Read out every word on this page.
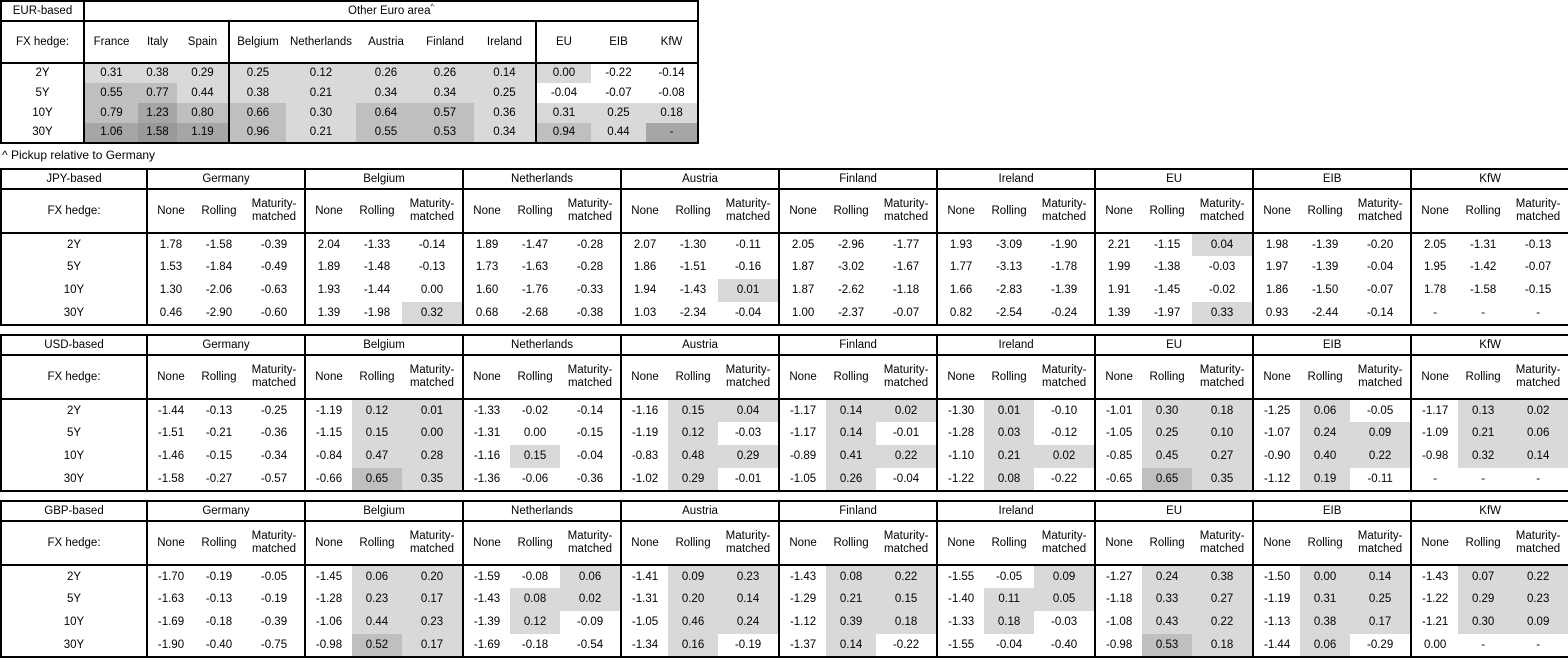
EUR-based	Other Euro area^
FX hedge:	France	Italy	Spain	Belgium	Netherlands	Austria	Finland	Ireland	EU	EIB	KfW
2Y	0.31	0.38	0.29	0.25	0.12	0.26	0.26	0.14	0.00	-0.22	-0.14
5Y	0.55	0.77	0.44	0.38	0.21	0.34	0.34	0.25	-0.04	-0.07	-0.08
10Y	0.79	1.23	0.80	0.66	0.30	0.64	0.57	0.36	0.31	0.25	0.18
30Y	1.06	1.58	1.19	0.96	0.21	0.55	0.53	0.34	0.94	0.44	-
^ Pickup relative to Germany
JPY-based	Germany			Belgium			Netherlands			Austria			Finland			Ireland			EU			EIB			KfW		
FX hedge:	None	Rolling	Maturity-matched	None	Rolling	Maturity-matched	None	Rolling	Maturity-matched	None	Rolling	Maturity-matched	None	Rolling	Maturity-matched	None	Rolling	Maturity-matched	None	Rolling	Maturity-matched	None	Rolling	Maturity-matched	None	Rolling	Maturity-matched
2Y	1.78	-1.58	-0.39	2.04	-1.33	-0.14	1.89	-1.47	-0.28	2.07	-1.30	-0.11	2.05	-2.96	-1.77	1.93	-3.09	-1.90	2.21	-1.15	0.04	1.98	-1.39	-0.20	2.05	-1.31	-0.13
5Y	1.53	-1.84	-0.49	1.89	-1.48	-0.13	1.73	-1.63	-0.28	1.86	-1.51	-0.16	1.87	-3.02	-1.67	1.77	-3.13	-1.78	1.99	-1.38	-0.03	1.97	-1.39	-0.04	1.95	-1.42	-0.07
10Y	1.30	-2.06	-0.63	1.93	-1.44	0.00	1.60	-1.76	-0.33	1.94	-1.43	0.01	1.87	-2.62	-1.18	1.66	-2.83	-1.39	1.91	-1.45	-0.02	1.86	-1.50	-0.07	1.78	-1.58	-0.15
30Y	0.46	-2.90	-0.60	1.39	-1.98	0.32	0.68	-2.68	-0.38	1.03	-2.34	-0.04	1.00	-2.37	-0.07	0.82	-2.54	-0.24	1.39	-1.97	0.33	0.93	-2.44	-0.14	-	-	-
USD-based	Germany			Belgium			Netherlands			Austria			Finland			Ireland			EU			EIB			KfW		
FX hedge:	None	Rolling	Maturity-matched	None	Rolling	Maturity-matched	None	Rolling	Maturity-matched	None	Rolling	Maturity-matched	None	Rolling	Maturity-matched	None	Rolling	Maturity-matched	None	Rolling	Maturity-matched	None	Rolling	Maturity-matched	None	Rolling	Maturity-matched
2Y	-1.44	-0.13	-0.25	-1.19	0.12	0.01	-1.33	-0.02	-0.14	-1.16	0.15	0.04	-1.17	0.14	0.02	-1.30	0.01	-0.10	-1.01	0.30	0.18	-1.25	0.06	-0.05	-1.17	0.13	0.02
5Y	-1.51	-0.21	-0.36	-1.15	0.15	0.00	-1.31	0.00	-0.15	-1.19	0.12	-0.03	-1.17	0.14	-0.01	-1.28	0.03	-0.12	-1.05	0.25	0.10	-1.07	0.24	0.09	-1.09	0.21	0.06
10Y	-1.46	-0.15	-0.34	-0.84	0.47	0.28	-1.16	0.15	-0.04	-0.83	0.48	0.29	-0.89	0.41	0.22	-1.10	0.21	0.02	-0.85	0.45	0.27	-0.90	0.40	0.22	-0.98	0.32	0.14
30Y	-1.58	-0.27	-0.57	-0.66	0.65	0.35	-1.36	-0.06	-0.36	-1.02	0.29	-0.01	-1.05	0.26	-0.04	-1.22	0.08	-0.22	-0.65	0.65	0.35	-1.12	0.19	-0.11	-	-	-
GBP-based	Germany			Belgium			Netherlands			Austria			Finland			Ireland			EU			EIB			KfW		
FX hedge:	None	Rolling	Maturity-matched	None	Rolling	Maturity-matched	None	Rolling	Maturity-matched	None	Rolling	Maturity-matched	None	Rolling	Maturity-matched	None	Rolling	Maturity-matched	None	Rolling	Maturity-matched	None	Rolling	Maturity-matched	None	Rolling	Maturity-matched
2Y	-1.70	-0.19	-0.05	-1.45	0.06	0.20	-1.59	-0.08	0.06	-1.41	0.09	0.23	-1.43	0.08	0.22	-1.55	-0.05	0.09	-1.27	0.24	0.38	-1.50	0.00	0.14	-1.43	0.07	0.22
5Y	-1.63	-0.13	-0.19	-1.28	0.23	0.17	-1.43	0.08	0.02	-1.31	0.20	0.14	-1.29	0.21	0.15	-1.40	0.11	0.05	-1.18	0.33	0.27	-1.19	0.31	0.25	-1.22	0.29	0.23
10Y	-1.69	-0.18	-0.39	-1.06	0.44	0.23	-1.39	0.12	-0.09	-1.05	0.46	0.24	-1.12	0.39	0.18	-1.33	0.18	-0.03	-1.08	0.43	0.22	-1.13	0.38	0.17	-1.21	0.30	0.09
30Y	-1.90	-0.40	-0.75	-0.98	0.52	0.17	-1.69	-0.18	-0.54	-1.34	0.16	-0.19	-1.37	0.14	-0.22	-1.55	-0.04	-0.40	-0.98	0.53	0.18	-1.44	0.06	-0.29	0.00	-	-
